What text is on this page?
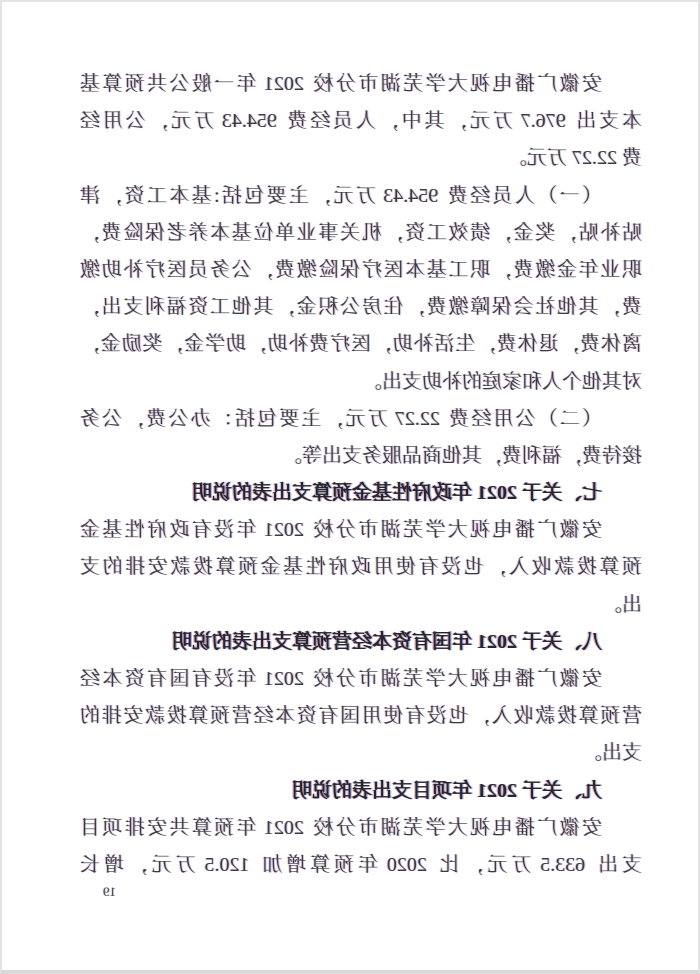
安徽广播电视大学芜湖市分校 2021 年一般公共预算基
本支出 976.7 万元，其中，人员经费 954.43 万元，公用经
费 22.27 万元。
（一）人员经费 954.43 万元，主要包括:基本工资，津
贴补贴，奖金，绩效工资，机关事业单位基本养老保险费，
职业年金缴费，职工基本医疗保险缴费，公务员医疗补助缴
费，其他社会保障缴费，住房公积金，其他工资福利支出，
离休费，退休费，生活补助，医疗费补助，助学金，奖励金，
对其他个人和家庭的补助支出。
（二）公用经费 22.27 万元，主要包括：办公费，公务
接待费，福利费，其他商品服务支出等。
七、关于 2021 年政府性基金预算支出表的说明
安徽广播电视大学芜湖市分校 2021 年没有政府性基金
预算拨款收入，也没有使用政府性基金预算拨款安排的支
出。
八、关于 2021 年国有资本经营预算支出表的说明
安徽广播电视大学芜湖市分校 2021 年没有国有资本经
营预算拨款收入，也没有使用国有资本经营预算拨款安排的
支出。
九、关于 2021 年项目支出表的说明
安徽广播电视大学芜湖市分校 2021 年预算共安排项目
支出 633.5 万元，比 2020 年预算增加 120.5 万元，增长
19
